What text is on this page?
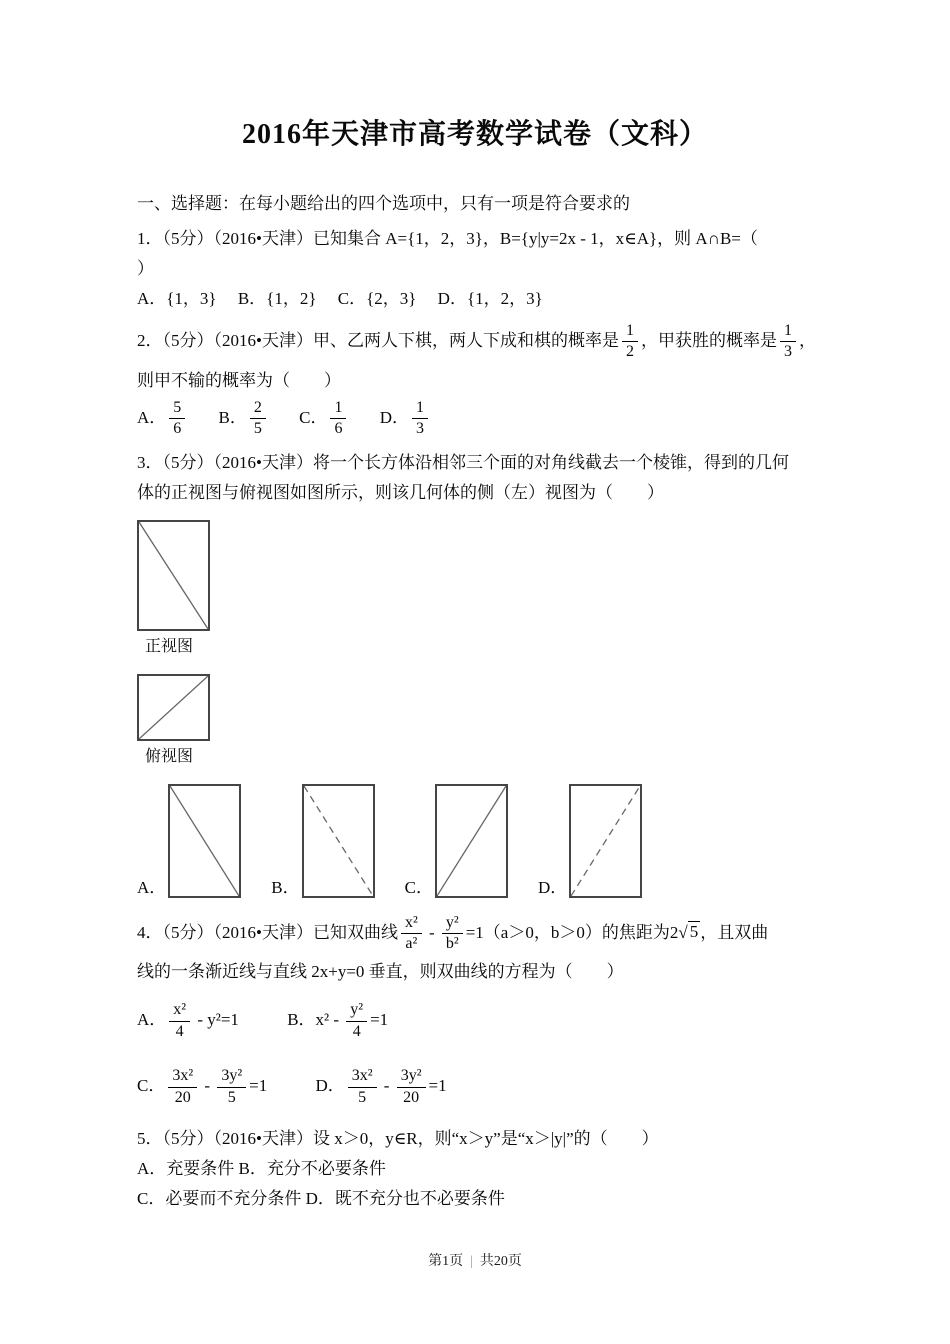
2016年天津市高考数学试卷（文科）

一、选择题：在每小题给出的四个选项中，只有一项是符合要求的

1．（5分）（2016•天津）已知集合 A={1，2，3}，B={y|y=2x - 1，x∈A}，则 A∩B=（

）

A．{1，3}　 B．{1，2}　 C．{2，3}　 D．{1，2，3}

2．（5分）（2016•天津）甲、乙两人下棋，两人下成和棋的概率是 $\frac{1}{2}$ ，甲获胜的概率是 $\frac{1}{3}$ ，

则甲不输的概率为（　　）

A． $\frac{5}{6}$ B． $\frac{2}{5}$ C． $\frac{1}{6}$ D． $\frac{1}{3}$

3．（5分）（2016•天津）将一个长方体沿相邻三个面的对角线截去一个棱锥，得到的几何

体的正视图与俯视图如图所示，则该几何体的侧（左）视图为（　　）

正视图
俯视图
A．	B．	C．	D．

4．（5分）（2016•天津）已知双曲线 $\frac{\text{x²}}{\text{a²}} - \frac{\text{y²}}{\text{b²}} =1(a>0$，b＞0）的焦距为2√ 5 ，且双曲

线的一条渐近线与直线 2x+y=0 垂直，则双曲线的方程为（　　）

A． $\frac{\text{x²}}{4} - y^2=1$	B．$x^2 - \frac{\text{y²}}{4} =1$

C． $\frac{\text{3x²}}{20} - \frac{\text{3y²}}{5} =1$	D． $\frac{\text{3x²}}{5} - \frac{\text{3y²}}{20} =1$

5．（5分）（2016•天津）设 x＞0，y∈R，则“x＞y”是“x＞|y|”的（　　）

A．充要条件 B．充分不必要条件

C．必要而不充分条件 D．既不充分也不必要条件

第1页 | 共20页
